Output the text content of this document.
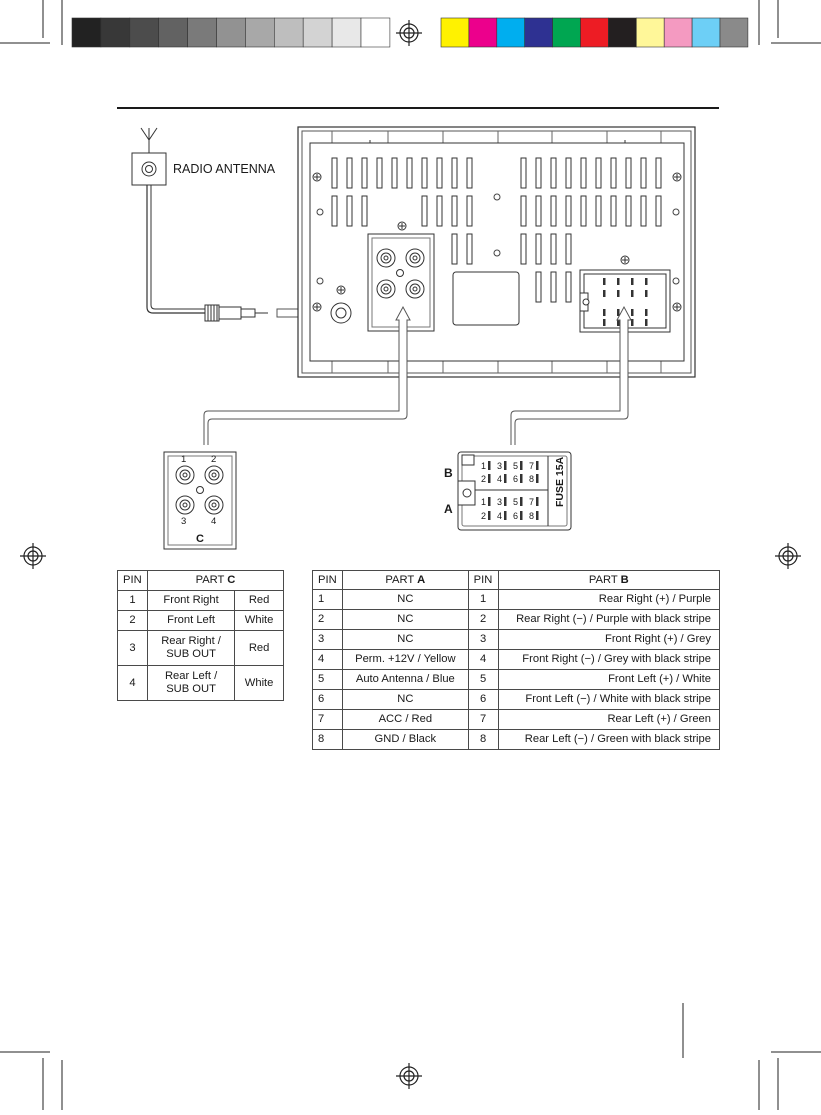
RADIO ANTENNA
1	2
3	4
C
FUSE 15A
1 3 5 7
2 4 6 8
1 3 5 7
2 4 6 8
B
A
PIN	PART C	
1	Front Right	Red
2	Front Left	White
3	Rear Right /
SUB OUT	Red
4	Rear Left /
SUB OUT	White
PIN	PART A	PIN	PART B
1	NC	1	Rear Right (+) / Purple
2	NC	2	Rear Right (−) / Purple with black stripe
3	NC	3	Front Right (+) / Grey
4	Perm. +12V / Yellow	4	Front Right (−) / Grey with black stripe
5	Auto Antenna / Blue	5	Front Left (+) / White
6	NC	6	Front Left (−) / White with black stripe
7	ACC / Red	7	Rear Left (+) / Green
8	GND / Black	8	Rear Left (−) / Green with black stripe
